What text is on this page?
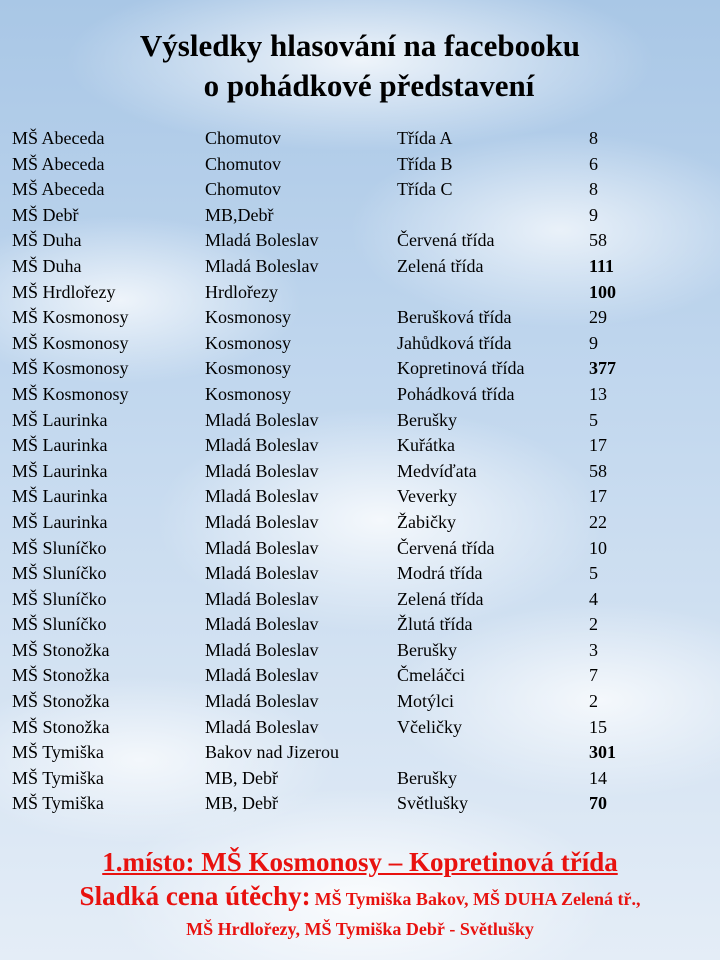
Výsledky hlasování na facebooku
o pohádkové představení
MŠ Abeceda	Chomutov	Třída A	8
MŠ Abeceda	Chomutov	Třída B	6
MŠ Abeceda	Chomutov	Třída C	8
MŠ Debř	MB,Debř		9
MŠ Duha	Mladá Boleslav	Červená třída	58
MŠ Duha	Mladá Boleslav	Zelená třída	111
MŠ Hrdlořezy	Hrdlořezy		100
MŠ Kosmonosy	Kosmonosy	Berušková třída	29
MŠ Kosmonosy	Kosmonosy	Jahůdková třída	9
MŠ Kosmonosy	Kosmonosy	Kopretinová třída	377
MŠ Kosmonosy	Kosmonosy	Pohádková třída	13
MŠ Laurinka	Mladá Boleslav	Berušky	5
MŠ Laurinka	Mladá Boleslav	Kuřátka	17
MŠ Laurinka	Mladá Boleslav	Medvíďata	58
MŠ Laurinka	Mladá Boleslav	Veverky	17
MŠ Laurinka	Mladá Boleslav	Žabičky	22
MŠ Sluníčko	Mladá Boleslav	Červená třída	10
MŠ Sluníčko	Mladá Boleslav	Modrá třída	5
MŠ Sluníčko	Mladá Boleslav	Zelená třída	4
MŠ Sluníčko	Mladá Boleslav	Žlutá třída	2
MŠ Stonožka	Mladá Boleslav	Berušky	3
MŠ Stonožka	Mladá Boleslav	Čmeláčci	7
MŠ Stonožka	Mladá Boleslav	Motýlci	2
MŠ Stonožka	Mladá Boleslav	Včeličky	15
MŠ Tymiška	Bakov nad Jizerou		301
MŠ Tymiška	MB, Debř	Berušky	14
MŠ Tymiška	MB, Debř	Světlušky	70
1.místo: MŠ Kosmonosy – Kopretinová třída
Sladká cena útěchy: MŠ Tymiška Bakov, MŠ DUHA Zelená tř.,
MŠ Hrdlořezy, MŠ Tymiška Debř - Světlušky
